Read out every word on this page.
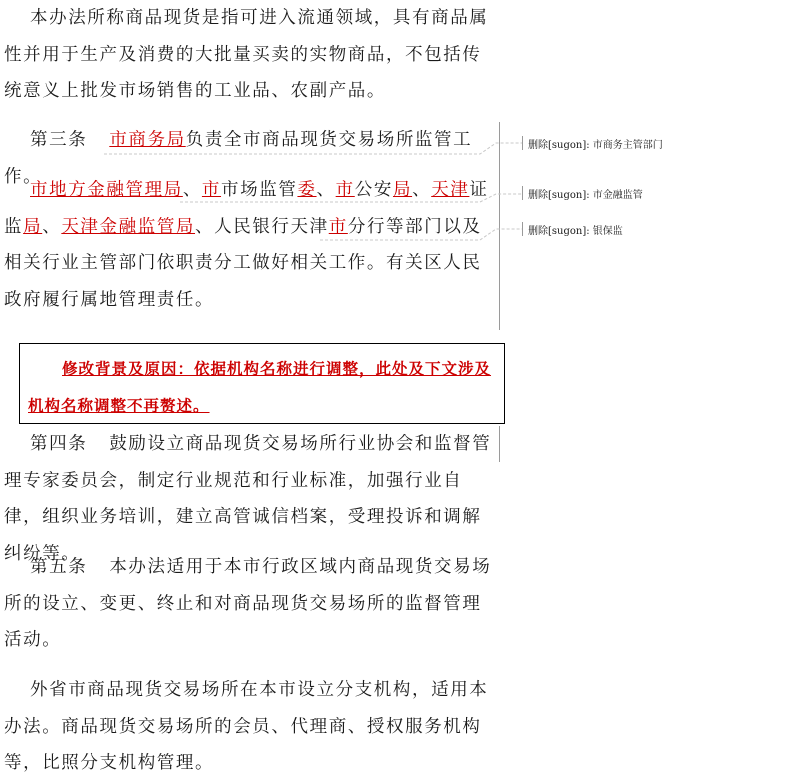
本办法所称商品现货是指可进入流通领域，具有商品属性并用于生产及消费的大批量买卖的实物商品，不包括传统意义上批发市场销售的工业品、农副产品。

第三条 市商务局负责全市商品现货交易场所监管工作。

市地方金融管理局、市市场监管委、市公安局、天津证监局、天津金融监管局、人民银行天津市分行等部门以及相关行业主管部门依职责分工做好相关工作。有关区人民政府履行属地管理责任。

修改背景及原因：依据机构名称进行调整，此处及下文涉及机构名称调整不再赘述。

第四条 鼓励设立商品现货交易场所行业协会和监督管理专家委员会，制定行业规范和行业标准，加强行业自律，组织业务培训，建立高管诚信档案，受理投诉和调解纠纷等。

第五条 本办法适用于本市行政区域内商品现货交易场所的设立、变更、终止和对商品现货交易场所的监督管理活动。

外省市商品现货交易场所在本市设立分支机构，适用本办法。商品现货交易场所的会员、代理商、授权服务机构等，比照分支机构管理。

删除[sugon]: 市商务主管部门
删除[sugon]: 市金融监管
删除[sugon]: 银保监
